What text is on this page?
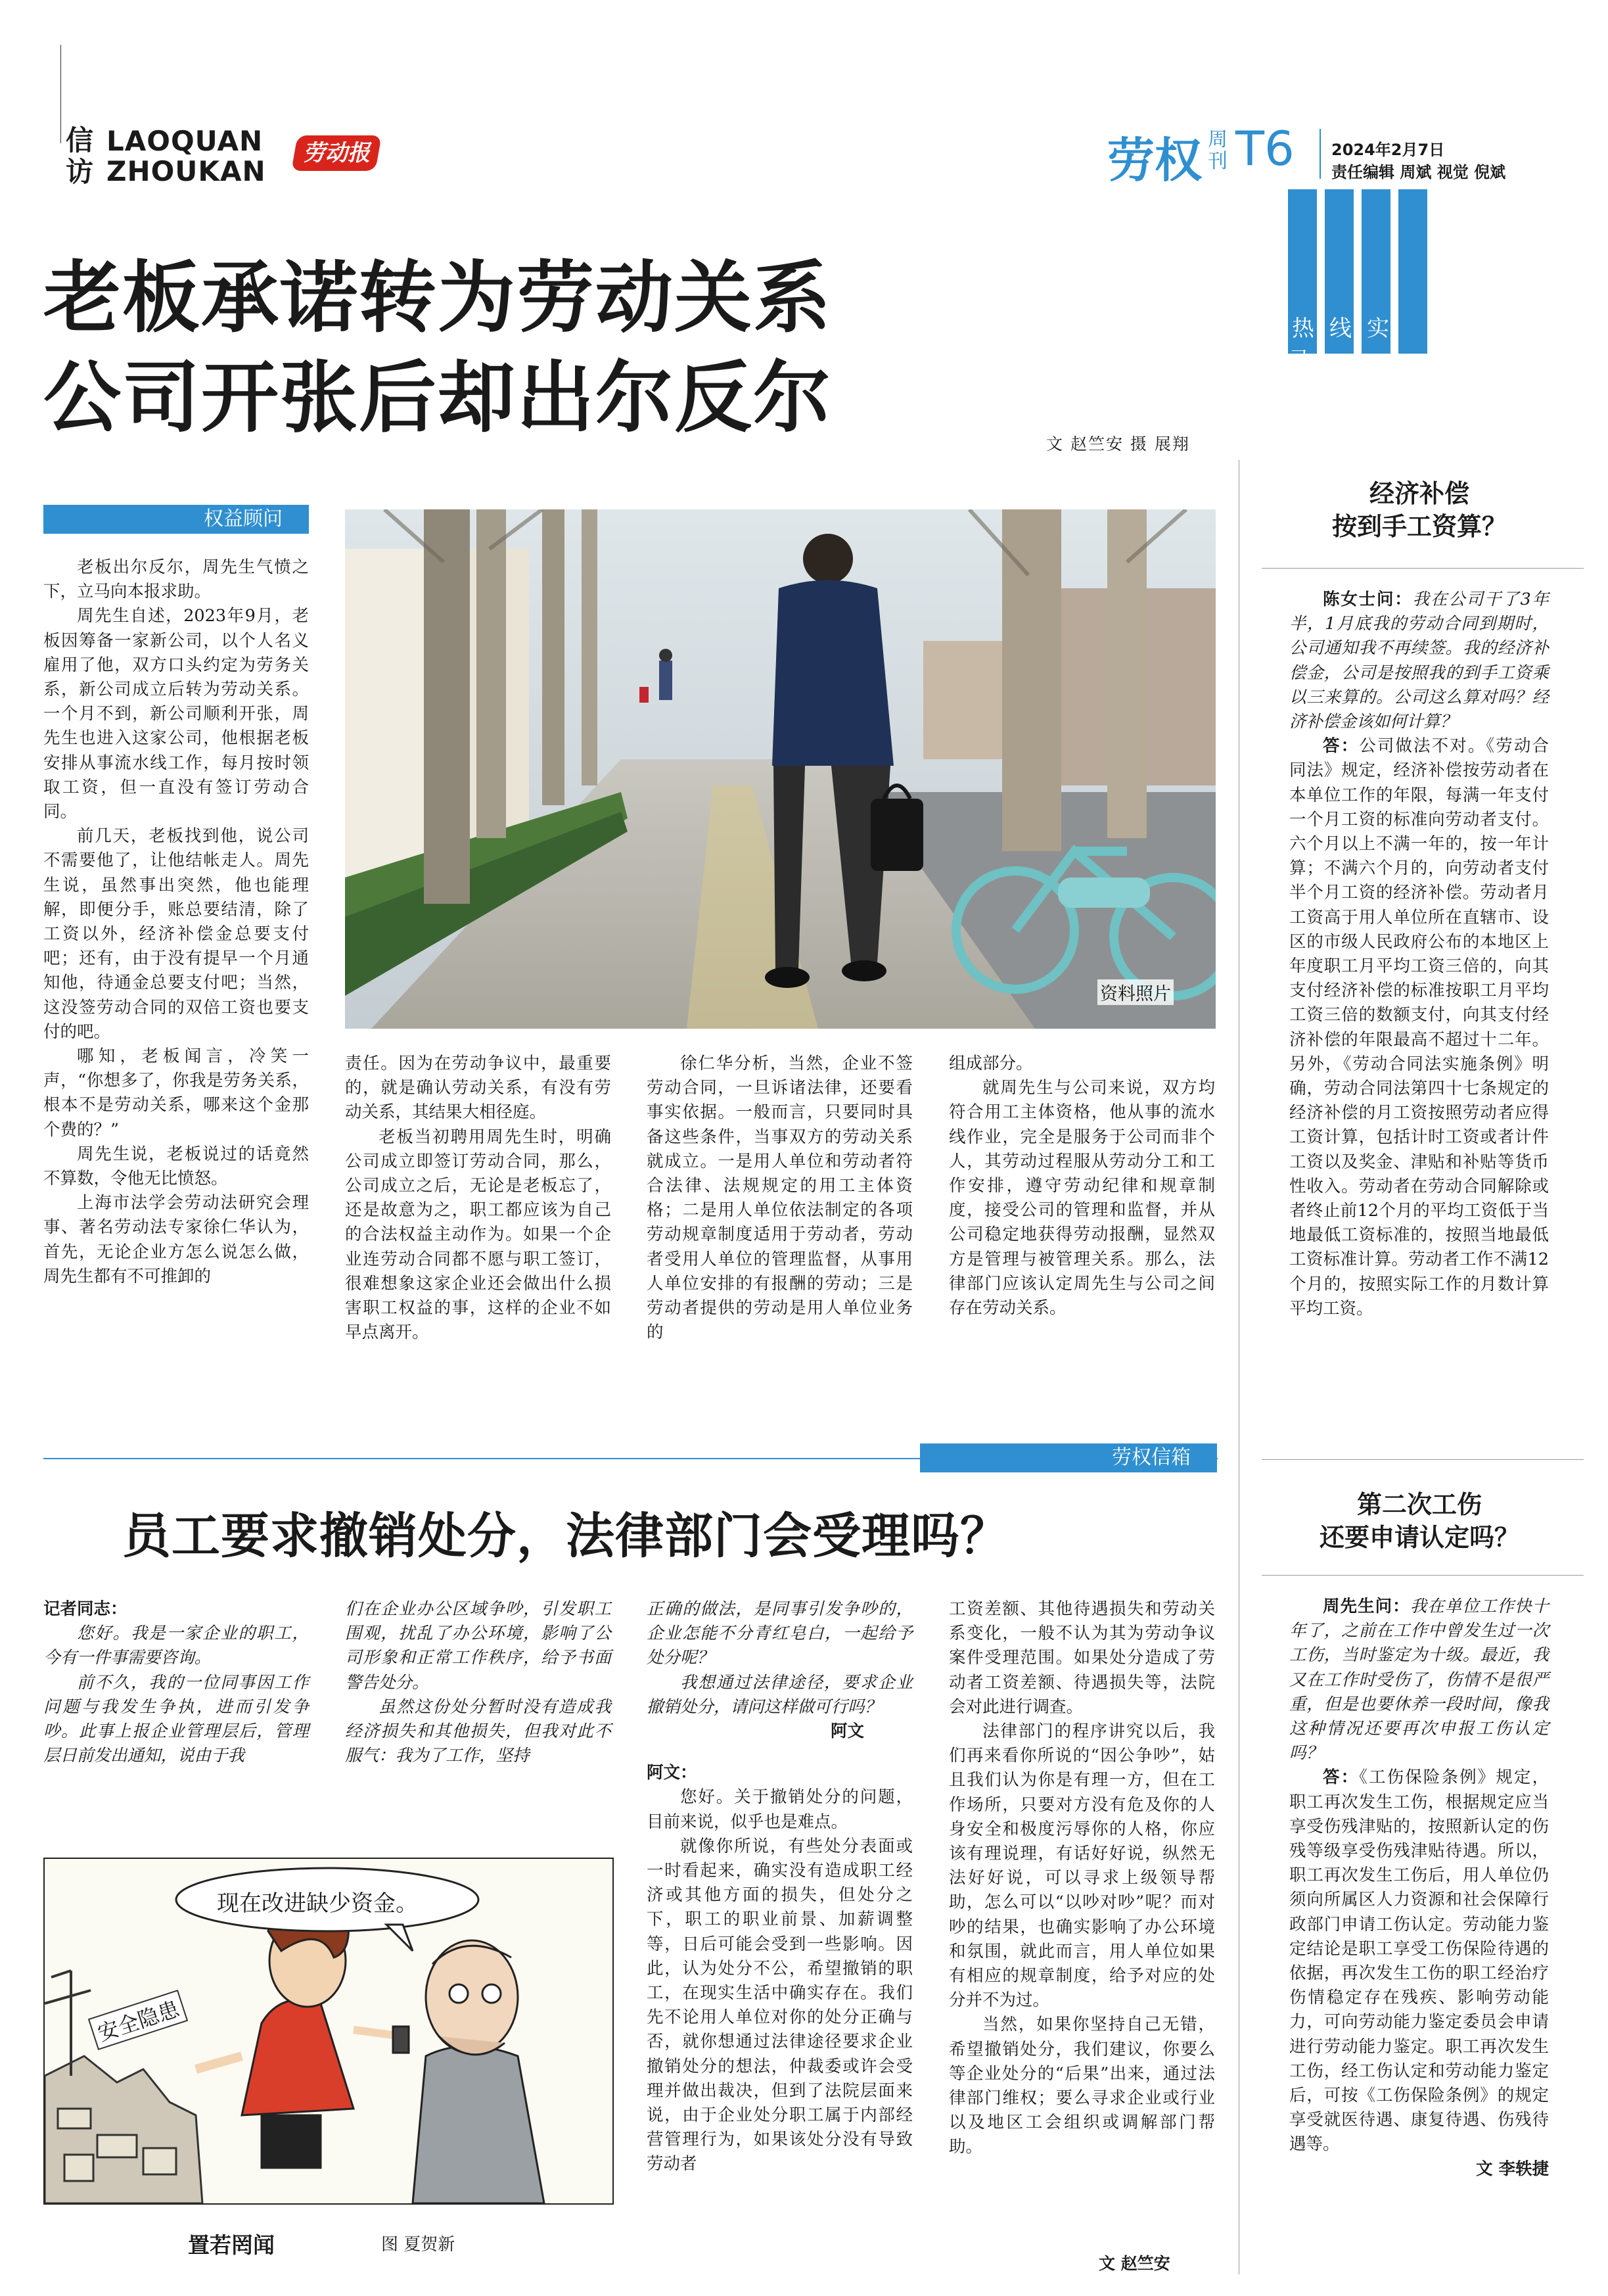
信访
LAOQUAN
ZHOUKAN
劳动报	劳权 周刊 T6 2024年2月7日
责任编辑 周斌 视觉 倪斌
热线实录
老板承诺转为劳动关系
公司开张后却出尔反尔
文 赵竺安 摄 展翔
权益顾问
资料照片

老板出尔反尔，周先生气愤之下，立马向本报求助。

周先生自述，2023年9月，老板因筹备一家新公司，以个人名义雇用了他，双方口头约定为劳务关系，新公司成立后转为劳动关系。一个月不到，新公司顺利开张，周先生也进入这家公司，他根据老板安排从事流水线工作，每月按时领取工资，但一直没有签订劳动合同。

前几天，老板找到他，说公司不需要他了，让他结帐走人。周先生说，虽然事出突然，他也能理解，即便分手，账总要结清，除了工资以外，经济补偿金总要支付吧；还有，由于没有提早一个月通知他，待通金总要支付吧；当然，这没签劳动合同的双倍工资也要支付的吧。

哪知，老板闻言，冷笑一声，“你想多了，你我是劳务关系，根本不是劳动关系，哪来这个金那个费的？”

周先生说，老板说过的话竟然不算数，令他无比愤怒。

上海市法学会劳动法研究会理事、著名劳动法专家徐仁华认为，首先，无论企业方怎么说怎么做，周先生都有不可推卸的

责任。因为在劳动争议中，最重要的，就是确认劳动关系，有没有劳动关系，其结果大相径庭。

老板当初聘用周先生时，明确公司成立即签订劳动合同，那么，公司成立之后，无论是老板忘了，还是故意为之，职工都应该为自己的合法权益主动作为。如果一个企业连劳动合同都不愿与职工签订，很难想象这家企业还会做出什么损害职工权益的事，这样的企业不如早点离开。

徐仁华分析，当然，企业不签劳动合同，一旦诉诸法律，还要看事实依据。一般而言，只要同时具备这些条件，当事双方的劳动关系就成立。一是用人单位和劳动者符合法律、法规规定的用工主体资格；二是用人单位依法制定的各项劳动规章制度适用于劳动者，劳动者受用人单位的管理监督，从事用人单位安排的有报酬的劳动；三是劳动者提供的劳动是用人单位业务的

组成部分。

就周先生与公司来说，双方均符合用工主体资格，他从事的流水线作业，完全是服务于公司而非个人，其劳动过程服从劳动分工和工作安排，遵守劳动纪律和规章制度，接受公司的管理和监督，并从公司稳定地获得劳动报酬，显然双方是管理与被管理关系。那么，法律部门应该认定周先生与公司之间存在劳动关系。

经济补偿
按到手工资算？

陈女士问：我在公司干了3年半，1月底我的劳动合同到期时，公司通知我不再续签。我的经济补偿金，公司是按照我的到手工资乘以三来算的。公司这么算对吗？经济补偿金该如何计算？

答：公司做法不对。《劳动合同法》规定，经济补偿按劳动者在本单位工作的年限，每满一年支付一个月工资的标准向劳动者支付。六个月以上不满一年的，按一年计算；不满六个月的，向劳动者支付半个月工资的经济补偿。劳动者月工资高于用人单位所在直辖市、设区的市级人民政府公布的本地区上年度职工月平均工资三倍的，向其支付经济补偿的标准按职工月平均工资三倍的数额支付，向其支付经济补偿的年限最高不超过十二年。另外，《劳动合同法实施条例》明确，劳动合同法第四十七条规定的经济补偿的月工资按照劳动者应得工资计算，包括计时工资或者计件工资以及奖金、津贴和补贴等货币性收入。劳动者在劳动合同解除或者终止前12个月的平均工资低于当地最低工资标准的，按照当地最低工资标准计算。劳动者工作不满12个月的，按照实际工作的月数计算平均工资。

劳权信箱
员工要求撤销处分，法律部门会受理吗？
记者同志：

您好。我是一家企业的职工，今有一件事需要咨询。

前不久，我的一位同事因工作问题与我发生争执，进而引发争吵。此事上报企业管理层后，管理层日前发出通知，说由于我

们在企业办公区域争吵，引发职工围观，扰乱了办公环境，影响了公司形象和正常工作秩序，给予书面警告处分。

虽然这份处分暂时没有造成我经济损失和其他损失，但我对此不服气：我为了工作，坚持

正确的做法，是同事引发争吵的，企业怎能不分青红皂白，一起给予处分呢？

我想通过法律途径，要求企业撤销处分，请问这样做可行吗？

阿文
阿文：

您好。关于撤销处分的问题，目前来说，似乎也是难点。

就像你所说，有些处分表面或一时看起来，确实没有造成职工经济或其他方面的损失，但处分之下，职工的职业前景、加薪调整等，日后可能会受到一些影响。因此，认为处分不公，希望撤销的职工，在现实生活中确实存在。我们先不论用人单位对你的处分正确与否，就你想通过法律途径要求企业撤销处分的想法，仲裁委或许会受理并做出裁决，但到了法院层面来说，由于企业处分职工属于内部经营管理行为，如果该处分没有导致劳动者

工资差额、其他待遇损失和劳动关系变化，一般不认为其为劳动争议案件受理范围。如果处分造成了劳动者工资差额、待遇损失等，法院会对此进行调查。

法律部门的程序讲究以后，我们再来看你所说的“因公争吵”，姑且我们认为你是有理一方，但在工作场所，只要对方没有危及你的人身安全和极度污辱你的人格，你应该有理说理，有话好好说，纵然无法好好说，可以寻求上级领导帮助，怎么可以“以吵对吵”呢？而对吵的结果，也确实影响了办公环境和氛围，就此而言，用人单位如果有相应的规章制度，给予对应的处分并不为过。

当然，如果你坚持自己无错，希望撤销处分，我们建议，你要么等企业处分的“后果”出来，通过法律部门维权；要么寻求企业或行业以及地区工会组织或调解部门帮助。

文 赵竺安
现在改进缺少资金。
安全隐患
置若罔闻	图 夏贺新
第二次工伤
还要申请认定吗？

周先生问：我在单位工作快十年了，之前在工作中曾发生过一次工伤，当时鉴定为十级。最近，我又在工作时受伤了，伤情不是很严重，但是也要休养一段时间，像我这种情况还要再次申报工伤认定吗？

答：《工伤保险条例》规定，职工再次发生工伤，根据规定应当享受伤残津贴的，按照新认定的伤残等级享受伤残津贴待遇。所以，职工再次发生工伤后，用人单位仍须向所属区人力资源和社会保障行政部门申请工伤认定。劳动能力鉴定结论是职工享受工伤保险待遇的依据，再次发生工伤的职工经治疗伤情稳定存在残疾、影响劳动能力，可向劳动能力鉴定委员会申请进行劳动能力鉴定。职工再次发生工伤，经工伤认定和劳动能力鉴定后，可按《工伤保险条例》的规定享受就医待遇、康复待遇、伤残待遇等。

文 李轶捷
